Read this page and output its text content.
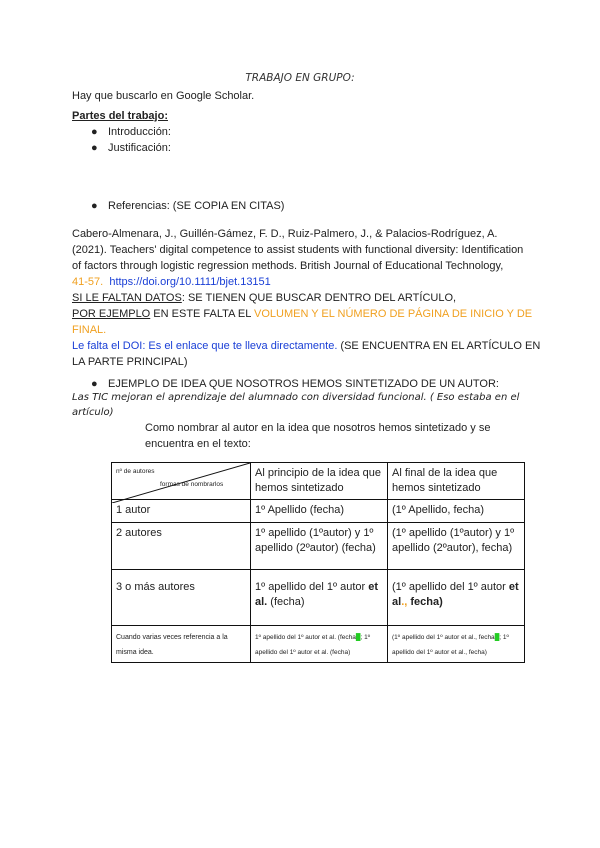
TRABAJO EN GRUPO:

Hay que buscarlo en Google Scholar.

Partes del trabajo:

● Introducción:
● Justificación:
● Referencias: (SE COPIA EN CITAS)
Cabero-Almenara, J., Guillén-Gámez, F. D., Ruiz-Palmero, J., & Palacios-Rodríguez, A.
(2021). Teachers' digital competence to assist students with functional diversity: Identification
of factors through logistic regression methods. British Journal of Educational Technology,
41-57. https://doi.org/10.1111/bjet.13151
SI LE FALTAN DATOS: SE TIENEN QUE BUSCAR DENTRO DEL ARTÍCULO,
POR EJEMPLO EN ESTE FALTA EL VOLUMEN Y EL NÚMERO DE PÁGINA DE INICIO Y DE FINAL.
Le falta el DOI: Es el enlace que te lleva directamente. (SE ENCUENTRA EN EL ARTÍCULO EN LA PARTE PRINCIPAL)
● EJEMPLO DE IDEA QUE NOSOTROS HEMOS SINTETIZADO DE UN AUTOR:

Las TIC mejoran el aprendizaje del alumnado con diversidad funcional. ( Eso estaba en el artículo)

Como nombrar al autor en la idea que nosotros hemos sintetizado y se encuentra en el texto:

nº de autores
formas de nombrarlos	Al principio de la idea que hemos sintetizado	Al final de la idea que hemos sintetizado
1 autor	1º Apellido (fecha)	(1º Apellido, fecha)
2 autores	1º apellido (1ºautor) y 1º apellido (2ºautor) (fecha)	(1º apellido (1ºautor) y 1º apellido (2ºautor), fecha)
3 o más autores	1º apellido del 1º autor et al. (fecha)	(1º apellido del 1º autor et al., fecha)
Cuando varias veces referencia a la misma idea.	1º apellido del 1º autor et al. (fecha█; 1º apellido del 1º autor et al. (fecha)	(1º apellido del 1º autor et al., fecha█; 1º apellido del 1º autor et al., fecha)
